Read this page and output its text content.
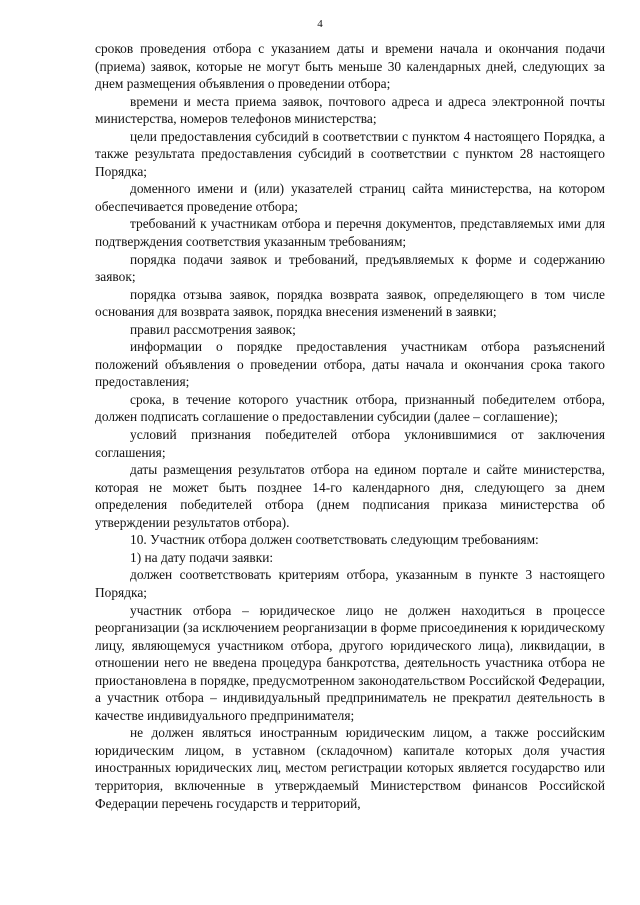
4

сроков проведения отбора с указанием даты и времени начала и окончания подачи (приема) заявок, которые не могут быть меньше 30 календарных дней, следующих за днем размещения объявления о проведении отбора;

времени и места приема заявок, почтового адреса и адреса электронной почты министерства, номеров телефонов министерства;

цели предоставления субсидий в соответствии с пунктом 4 настоящего Порядка, а также результата предоставления субсидий в соответствии с пунктом 28 настоящего Порядка;

доменного имени и (или) указателей страниц сайта министерства, на котором обеспечивается проведение отбора;

требований к участникам отбора и перечня документов, представляемых ими для подтверждения соответствия указанным требованиям;

порядка подачи заявок и требований, предъявляемых к форме и содержанию заявок;

порядка отзыва заявок, порядка возврата заявок, определяющего в том числе основания для возврата заявок, порядка внесения изменений в заявки;

правил рассмотрения заявок;

информации о порядке предоставления участникам отбора разъяснений положений объявления о проведении отбора, даты начала и окончания срока такого предоставления;

срока, в течение которого участник отбора, признанный победителем отбора, должен подписать соглашение о предоставлении субсидии (далее – соглашение);

условий признания победителей отбора уклонившимися от заключения соглашения;

даты размещения результатов отбора на едином портале и сайте министерства, которая не может быть позднее 14-го календарного дня, следующего за днем определения победителей отбора (днем подписания приказа министерства об утверждении результатов отбора).

10. Участник отбора должен соответствовать следующим требованиям:

1) на дату подачи заявки:

должен соответствовать критериям отбора, указанным в пункте 3 настоящего Порядка;

участник отбора – юридическое лицо не должен находиться в процессе реорганизации (за исключением реорганизации в форме присоединения к юридическому лицу, являющемуся участником отбора, другого юридического лица), ликвидации, в отношении него не введена процедура банкротства, деятельность участника отбора не приостановлена в порядке, предусмотренном законодательством Российской Федерации, а участник отбора – индивидуальный предприниматель не прекратил деятельность в качестве индивидуального предпринимателя;

не должен являться иностранным юридическим лицом, а также российским юридическим лицом, в уставном (складочном) капитале которых доля участия иностранных юридических лиц, местом регистрации которых является государство или территория, включенные в утверждаемый Министерством финансов Российской Федерации перечень государств и территорий,
